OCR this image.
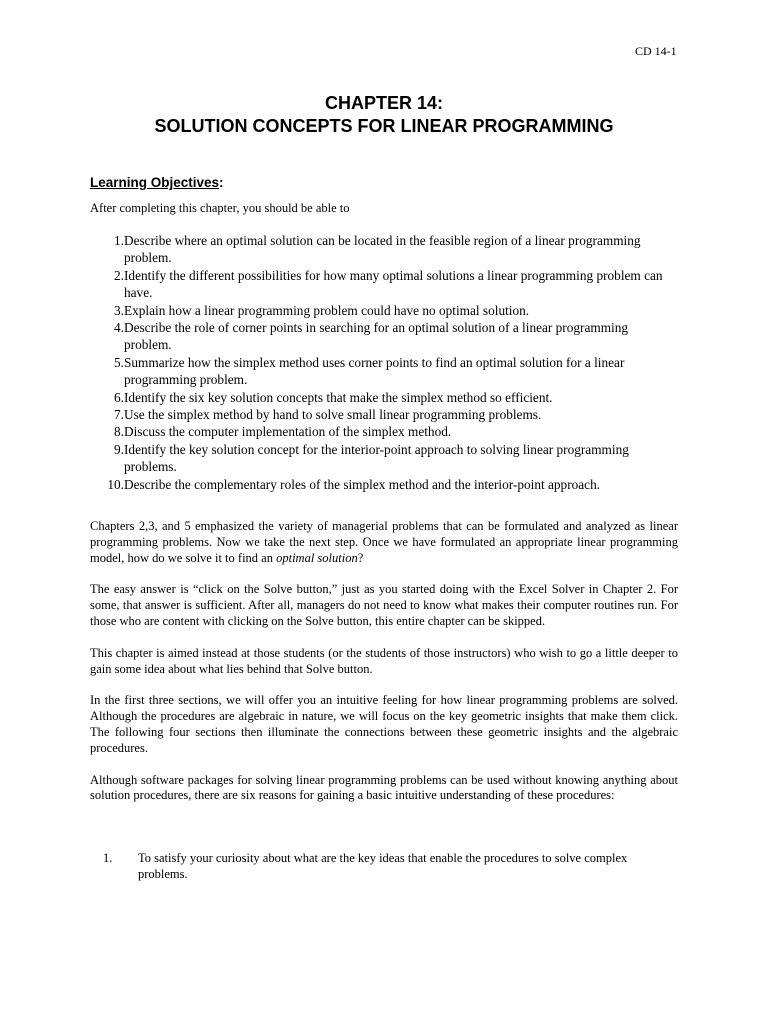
CD 14-1
CHAPTER 14:
SOLUTION CONCEPTS FOR LINEAR PROGRAMMING
Learning Objectives:
After completing this chapter, you should be able to
1. Describe where an optimal solution can be located in the feasible region of a linear programming problem.
2. Identify the different possibilities for how many optimal solutions a linear programming problem can have.
3. Explain how a linear programming problem could have no optimal solution.
4. Describe the role of corner points in searching for an optimal solution of a linear programming problem.
5. Summarize how the simplex method uses corner points to find an optimal solution for a linear programming problem.
6. Identify the six key solution concepts that make the simplex method so efficient.
7. Use the simplex method by hand to solve small linear programming problems.
8. Discuss the computer implementation of the simplex method.
9. Identify the key solution concept for the interior-point approach to solving linear programming problems.
10. Describe the complementary roles of the simplex method and the interior-point approach.

Chapters 2,3, and 5 emphasized the variety of managerial problems that can be formulated and analyzed as linear programming problems. Now we take the next step. Once we have formulated an appropriate linear programming model, how do we solve it to find an optimal solution?

The easy answer is “click on the Solve button,” just as you started doing with the Excel Solver in Chapter 2. For some, that answer is sufficient. After all, managers do not need to know what makes their computer routines run. For those who are content with clicking on the Solve button, this entire chapter can be skipped.

This chapter is aimed instead at those students (or the students of those instructors) who wish to go a little deeper to gain some idea about what lies behind that Solve button.

In the first three sections, we will offer you an intuitive feeling for how linear programming problems are solved. Although the procedures are algebraic in nature, we will focus on the key geometric insights that make them click. The following four sections then illuminate the connections between these geometric insights and the algebraic procedures.

Although software packages for solving linear programming problems can be used without knowing anything about solution procedures, there are six reasons for gaining a basic intuitive understanding of these procedures:

1.	To satisfy your curiosity about what are the key ideas that enable the procedures to solve complex problems.
